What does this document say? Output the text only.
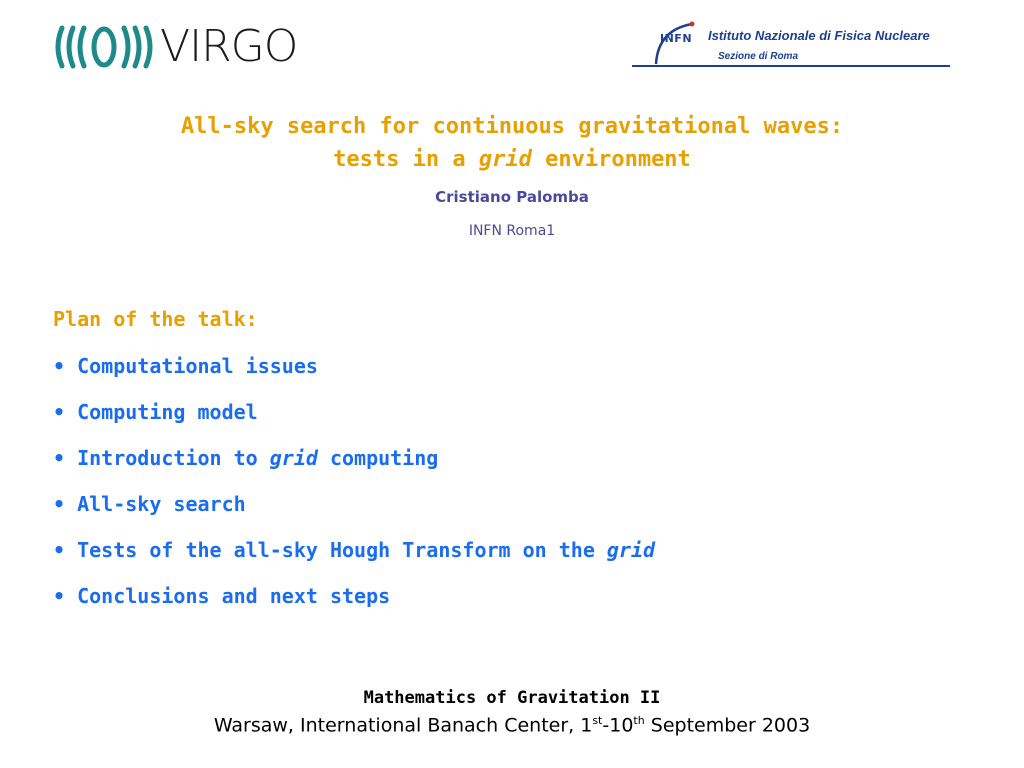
VIRGO	INFN Istituto Nazionale di Fisica Nucleare
Sezione di Roma
All-sky search for continuous gravitational waves:
tests in a grid environment
Cristiano Palomba
INFN Roma1
Plan of the talk:
• Computational issues
• Computing model
• Introduction to grid computing
• All-sky search
• Tests of the all-sky Hough Transform on the grid
• Conclusions and next steps
Mathematics of Gravitation II
Warsaw, International Banach Center, 1st-10th September 2003
